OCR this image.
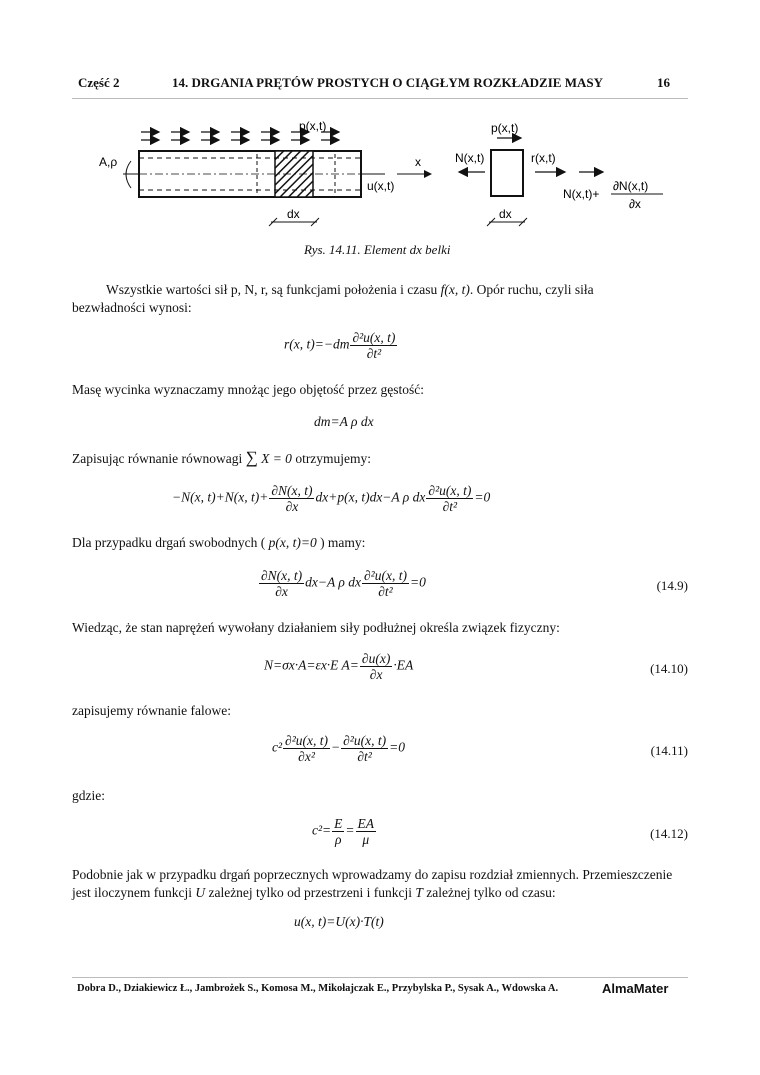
Część 2	14. DRGANIA PRĘTÓW PROSTYCH O CIĄGŁYM ROZKŁADZIE MASY	16
A,ρ
p(x,t)
u(x,t)
x
dx
p(x,t)
N(x,t)	r(x,t)
N(x,t)+
∂N(x,t)
∂x
dx
Rys. 14.11. Element dx belki
Wszystkie wartości sił p, N, r, są funkcjami położenia i czasu f(x, t). Opór ruchu, czyli siła
bezwładności wynosi:
r(x, $t)=-dm \frac{\text{∂²u(x, t)}}{\text{∂t²}}$
Masę wycinka wyznaczamy mnożąc jego objętość przez gęstość:
dm=A ρ dx
Zapisując równanie równowagi ∑ X = 0 otrzymujemy:
−N(x, t)+N(x, $t)+ \frac{\partial N(x, t)}{\partial x} dx+p(x$, t)dx−A ρ dx $\frac{\text{∂²u(x, t)}}{\text{∂t²}} =0$
Dla przypadku drgań swobodnych ( p(x, t)=0 ) mamy:
$\frac{\partial N(x, t)}{\partial x} dx-A$ ρ dx $\frac{\text{∂²u(x, t)}}{\text{∂t²}} =0$	(14.9)
Wiedząc, że stan naprężeń wywołany działaniem siły podłużnej określa związek fizyczny:
N=σx·A=εx·E $A= \frac{\partial u(x)}{\partial x} \cdot EA$	(14.10)
zapisujemy równanie falowe:
$c^2 \frac{\text{∂²u(x, t)}}{\text{∂x²}} - \frac{\text{∂²u(x, t)}}{\text{∂t²}} =0$	(14.11)
gdzie:
$c^2= \frac{E}{\rho} = \frac{EA}{\mu}$	(14.12)
Podobnie jak w przypadku drgań poprzecznych wprowadzamy do zapisu rozdział zmiennych. Przemieszczenie
jest iloczynem funkcji U zależnej tylko od przestrzeni i funkcji T zależnej tylko od czasu:
u(x, t)=U(x)·T(t)
Dobra D., Dziakiewicz Ł., Jambrożek S., Komosa M., Mikołajczak E., Przybylska P., Sysak A., Wdowska A.	AlmaMater
